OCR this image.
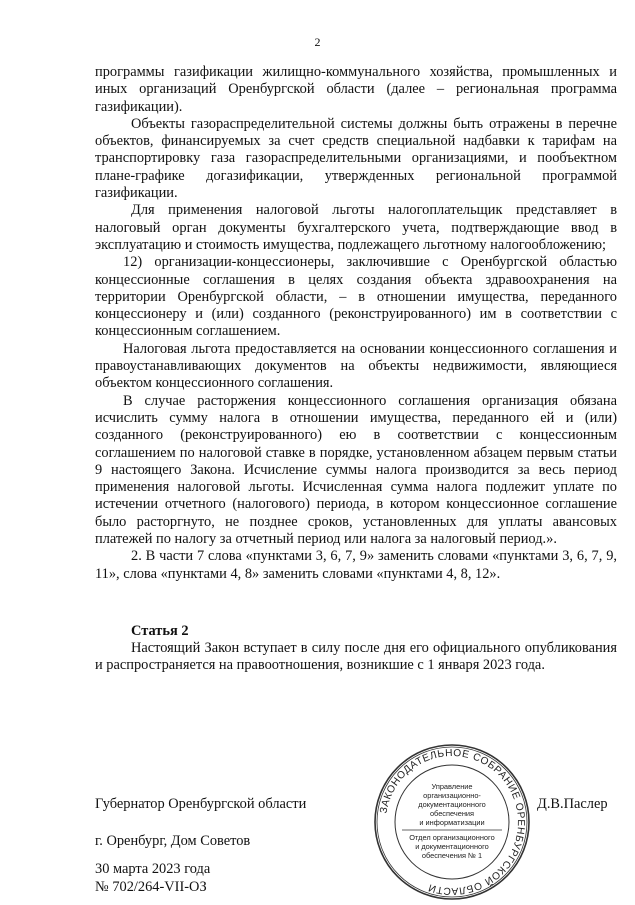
2

программы газификации жилищно-коммунального хозяйства, промышленных и иных организаций Оренбургской области (далее – региональная программа газификации).

Объекты газораспределительной системы должны быть отражены в перечне объектов, финансируемых за счет средств специальной надбавки к тарифам на транспортировку газа газораспределительными организациями, и пообъектном плане-графике догазификации, утвержденных региональной программой газификации.

Для применения налоговой льготы налогоплательщик представляет в налоговый орган документы бухгалтерского учета, подтверждающие ввод в эксплуатацию и стоимость имущества, подлежащего льготному налогообложению;

12) организации-концессионеры, заключившие с Оренбургской областью концессионные соглашения в целях создания объекта здравоохранения на территории Оренбургской области, – в отношении имущества, переданного концессионеру и (или) созданного (реконструированного) им в соответствии с концессионным соглашением.

Налоговая льгота предоставляется на основании концессионного соглашения и правоустанавливающих документов на объекты недвижимости, являющиеся объектом концессионного соглашения.

В случае расторжения концессионного соглашения организация обязана исчислить сумму налога в отношении имущества, переданного ей и (или) созданного (реконструированного) ею в соответствии с концессионным соглашением по налоговой ставке в порядке, установленном абзацем первым статьи 9 настоящего Закона. Исчисление суммы налога производится за весь период применения налоговой льготы. Исчисленная сумма налога подлежит уплате по истечении отчетного (налогового) периода, в котором концессионное соглашение было расторгнуто, не позднее сроков, установленных для уплаты авансовых платежей по налогу за отчетный период или налога за налоговый период.».

2. В части 7 слова «пунктами 3, 6, 7, 9» заменить словами «пунктами 3, 6, 7, 9, 11», слова «пунктами 4, 8» заменить словами «пунктами 4, 8, 12».

Статья 2
Настоящий Закон вступает в силу после дня его официального опубликования и распространяется на правоотношения, возникшие с 1 января 2023 года.
Губернатор Оренбургской области	Д.В.Паслер
г. Оренбург, Дом Советов
30 марта 2023 года
№ 702/264-VII-ОЗ
ЗАКОНОДАТЕЛЬНОЕ СОБРАНИЕ ОРЕНБУРГСКОЙ ОБЛАСТИ
Управление
организационно-
документационного
обеспечения
и информатизации
Отдел организационного
и документационного
обеспечения № 1
